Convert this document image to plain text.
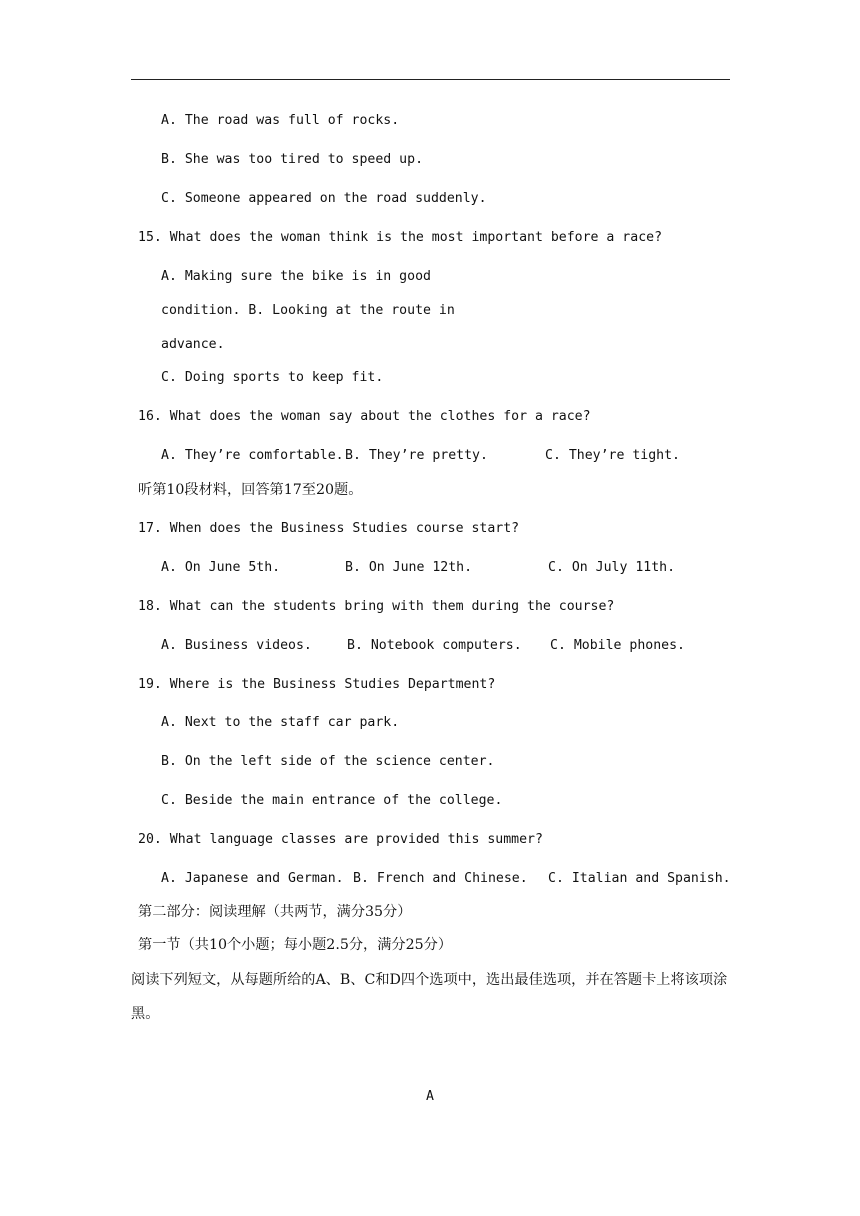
A. The road was full of rocks.
B. She was too tired to speed up.
C. Someone appeared on the road suddenly.
15. What does the woman think is the most important before a race?
A. Making sure the bike is in good
condition. B. Looking at the route in
advance.
C. Doing sports to keep fit.
16. What does the woman say about the clothes for a race?
A. They’re comfortable. B. They’re pretty.	C. They’re tight.
听第10段材料，回答第17至20题。
17. When does the Business Studies course start?
A. On June 5th.	B. On June 12th.	C. On July 11th.
18. What can the students bring with them during the course?
A. Business videos.	B. Notebook computers. C. Mobile phones.
19. Where is the Business Studies Department?
A. Next to the staff car park.
B. On the left side of the science center.
C. Beside the main entrance of the college.
20. What language classes are provided this summer?
A. Japanese and German. B. French and Chinese. C. Italian and Spanish.
第二部分：阅读理解（共两节，满分35分）
第一节（共10个小题；每小题2.5分，满分25分）
阅读下列短文，从每题所给的A、B、C和D四个选项中，选出最佳选项，并在答题卡上将该项涂
黑。
A
